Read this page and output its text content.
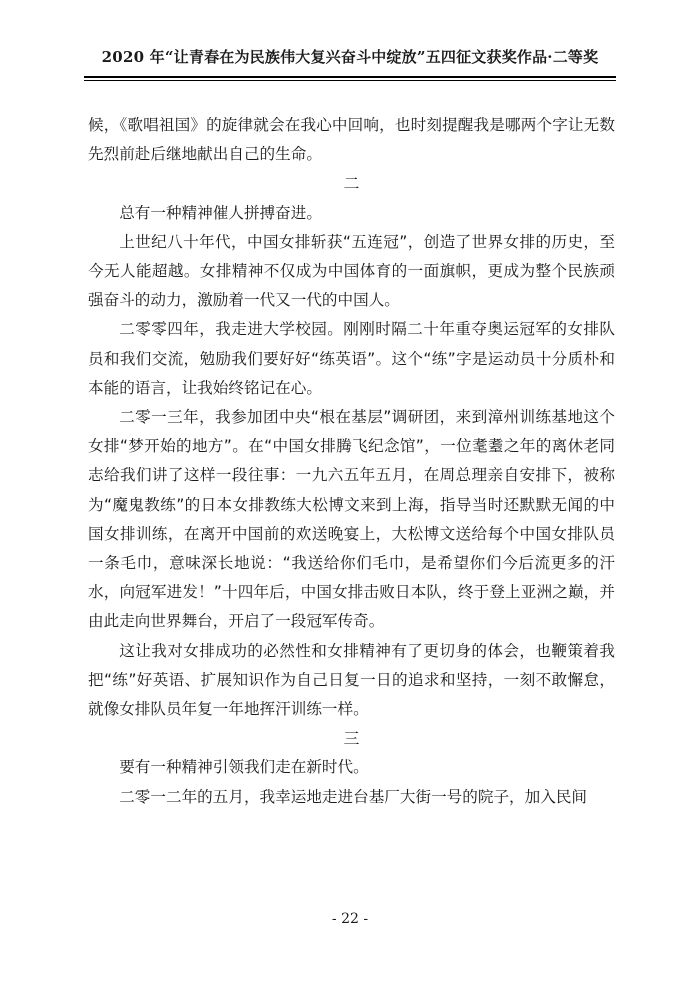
2020 年“让青春在为民族伟大复兴奋斗中绽放”五四征文获奖作品·二等奖

候，《歌唱祖国》的旋律就会在我心中回响，也时刻提醒我是哪两个字让无数先烈前赴后继地献出自己的生命。

二

总有一种精神催人拼搏奋进。

上世纪八十年代，中国女排斩获“五连冠”，创造了世界女排的历史，至今无人能超越。女排精神不仅成为中国体育的一面旗帜，更成为整个民族顽强奋斗的动力，激励着一代又一代的中国人。

二零零四年，我走进大学校园。刚刚时隔二十年重夺奥运冠军的女排队员和我们交流，勉励我们要好好“练英语”。这个“练”字是运动员十分质朴和本能的语言，让我始终铭记在心。

二零一三年，我参加团中央“根在基层”调研团，来到漳州训练基地这个女排“梦开始的地方”。在“中国女排腾飞纪念馆”，一位耄耋之年的离休老同志给我们讲了这样一段往事：一九六五年五月，在周总理亲自安排下，被称为“魔鬼教练”的日本女排教练大松博文来到上海，指导当时还默默无闻的中国女排训练，在离开中国前的欢送晚宴上，大松博文送给每个中国女排队员一条毛巾，意味深长地说：“我送给你们毛巾，是希望你们今后流更多的汗水，向冠军进发！”十四年后，中国女排击败日本队，终于登上亚洲之巅，并由此走向世界舞台，开启了一段冠军传奇。

这让我对女排成功的必然性和女排精神有了更切身的体会，也鞭策着我把“练”好英语、扩展知识作为自己日复一日的追求和坚持，一刻不敢懈怠，就像女排队员年复一年地挥汗训练一样。

三

要有一种精神引领我们走在新时代。

二零一二年的五月，我幸运地走进台基厂大街一号的院子，加入民间

- 22 -
